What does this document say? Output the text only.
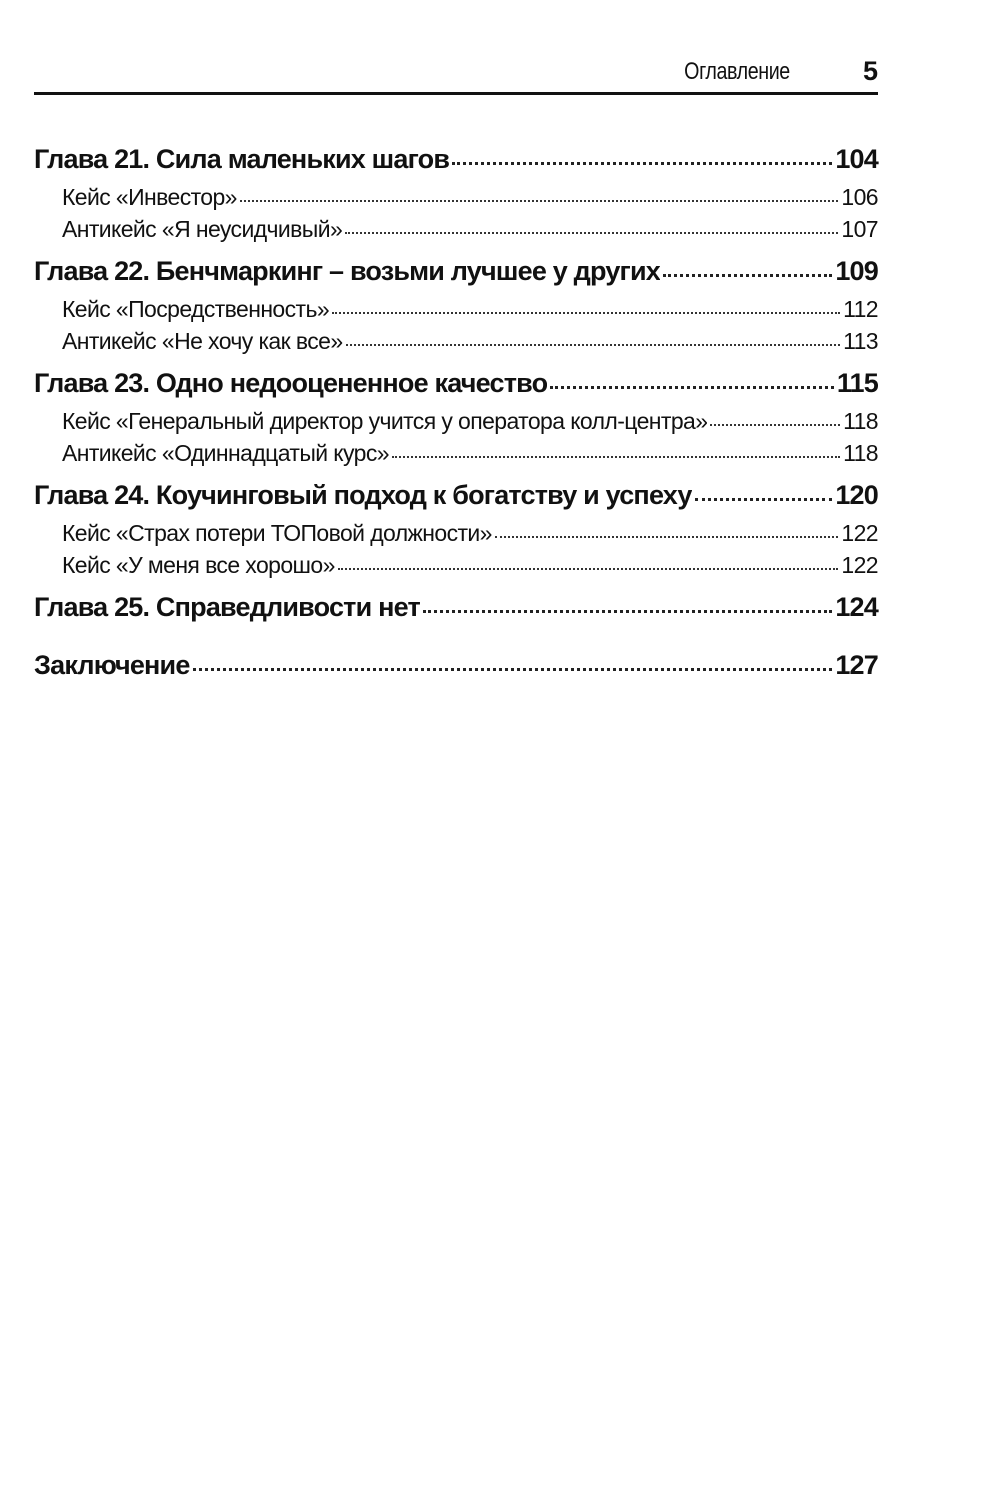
Оглавление	5
Глава 21. Сила маленьких шагов	104
Кейс «Инвестор»	106
Антикейс «Я неусидчивый»	107
Глава 22. Бенчмаркинг – возьми лучшее у других	109
Кейс «Посредственность»	112
Антикейс «Не хочу как все»	113
Глава 23. Одно недооцененное качество	115
Кейс «Генеральный директор учится у оператора колл-центра»	118
Антикейс «Одиннадцатый курс»	118
Глава 24. Коучинговый подход к богатству и успеху	120
Кейс «Страх потери ТОПовой должности»	122
Кейс «У меня все хорошо»	122
Глава 25. Справедливости нет	124
Заключение	127
